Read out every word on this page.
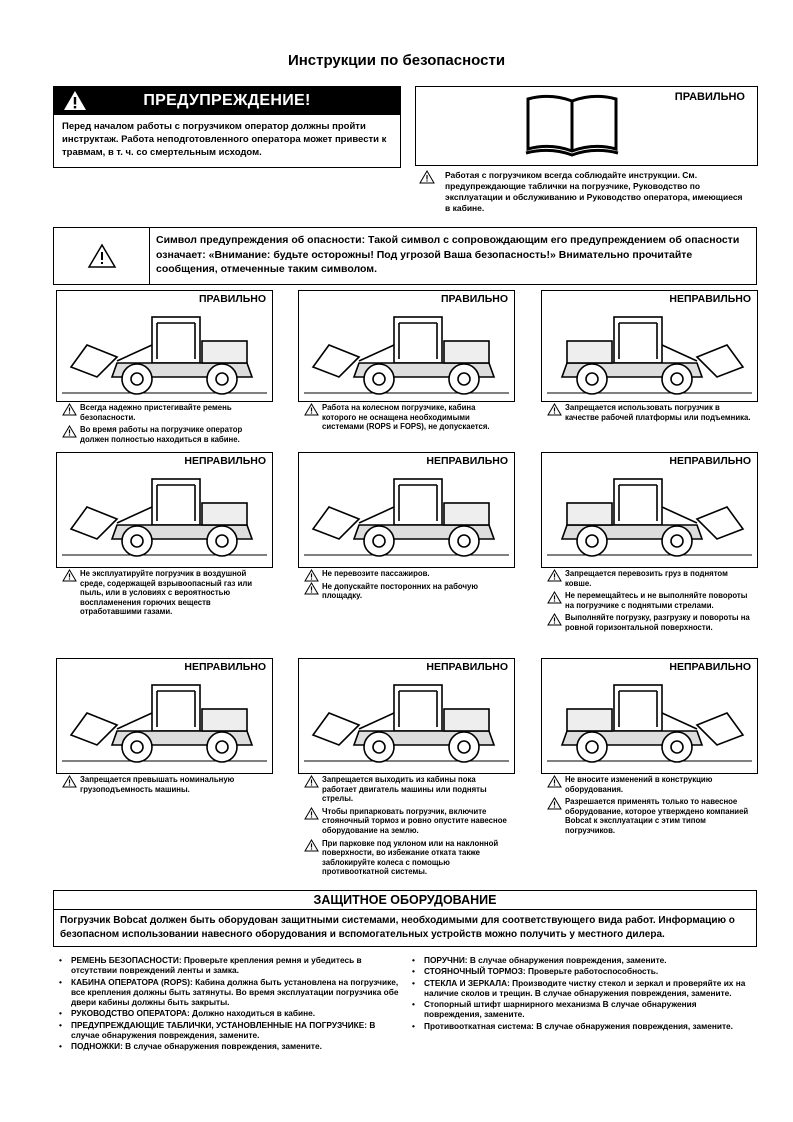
Инструкции по безопасности
ПРЕДУПРЕЖДЕНИЕ!
Перед началом работы с погрузчиком оператор должны пройти инструктаж. Работа неподготовленного оператора может привести к травмам, в т. ч. со смертельным исходом.
ПРАВИЛЬНО
Работая с погрузчиком всегда соблюдайте инструкции. См. предупреждающие таблички на погрузчике, Руководство по эксплуатации и обслуживанию и Руководство оператора, имеющиеся в кабине.
Символ предупреждения об опасности: Такой символ с сопровождающим его предупреждением об опасности означает: «Внимание: будьте осторожны! Под угрозой Ваша безопасность!» Внимательно прочитайте сообщения, отмеченные таким символом.
ПРАВИЛЬНО
Всегда надежно пристегивайте ремень безопасности.
Во время работы на погрузчике оператор должен полностью находиться в кабине.
ПРАВИЛЬНО
Работа на колесном погрузчике, кабина которого не оснащена необходимыми системами (ROPS и FOPS), не допускается.
НЕПРАВИЛЬНО
Запрещается использовать погрузчик в качестве рабочей платформы или подъемника.
НЕПРАВИЛЬНО
Не эксплуатируйте погрузчик в воздушной среде, содержащей взрывоопасный газ или пыль, или в условиях с вероятностью воспламенения горючих веществ отработавшими газами.
НЕПРАВИЛЬНО
Не перевозите пассажиров.
Не допускайте посторонних на рабочую площадку.
НЕПРАВИЛЬНО
Запрещается перевозить груз в поднятом ковше.
Не перемещайтесь и не выполняйте повороты на погрузчике с поднятыми стрелами.
Выполняйте погрузку, разгрузку и повороты на ровной горизонтальной поверхности.
НЕПРАВИЛЬНО
Запрещается превышать номинальную грузоподъемность машины.
НЕПРАВИЛЬНО
Запрещается выходить из кабины пока работает двигатель машины или подняты стрелы.
Чтобы припарковать погрузчик, включите стояночный тормоз и ровно опустите навесное оборудование на землю.
При парковке под уклоном или на наклонной поверхности, во избежание отката также заблокируйте колеса с помощью противооткатной системы.
НЕПРАВИЛЬНО
Не вносите изменений в конструкцию оборудования.
Разрешается применять только то навесное оборудование, которое утверждено компанией Bobcat к эксплуатации с этим типом погрузчиков.
ЗАЩИТНОЕ ОБОРУДОВАНИЕ
Погрузчик Bobcat должен быть оборудован защитными системами, необходимыми для соответствующего вида работ. Информацию о безопасном использовании навесного оборудования и вспомогательных устройств можно получить у местного дилера.
• РЕМЕНЬ БЕЗОПАСНОСТИ: Проверьте крепления ремня и убедитесь в отсутствии повреждений ленты и замка.
• КАБИНА ОПЕРАТОРА (ROPS): Кабина должна быть установлена на погрузчике, все крепления должны быть затянуты. Во время эксплуатации погрузчика обе двери кабины должны быть закрыты.
• РУКОВОДСТВО ОПЕРАТОРА: Должно находиться в кабине.
• ПРЕДУПРЕЖДАЮЩИЕ ТАБЛИЧКИ, УСТАНОВЛЕННЫЕ НА ПОГРУЗЧИКЕ: В случае обнаружения повреждения, замените.
• ПОДНОЖКИ: В случае обнаружения повреждения, замените.
• ПОРУЧНИ: В случае обнаружения повреждения, замените.
• СТОЯНОЧНЫЙ ТОРМОЗ: Проверьте работоспособность.
• СТЕКЛА И ЗЕРКАЛА: Производите чистку стекол и зеркал и проверяйте их на наличие сколов и трещин. В случае обнаружения повреждения, замените.
• Стопорный штифт шарнирного механизма В случае обнаружения повреждения, замените.
• Противооткатная система: В случае обнаружения повреждения, замените.
